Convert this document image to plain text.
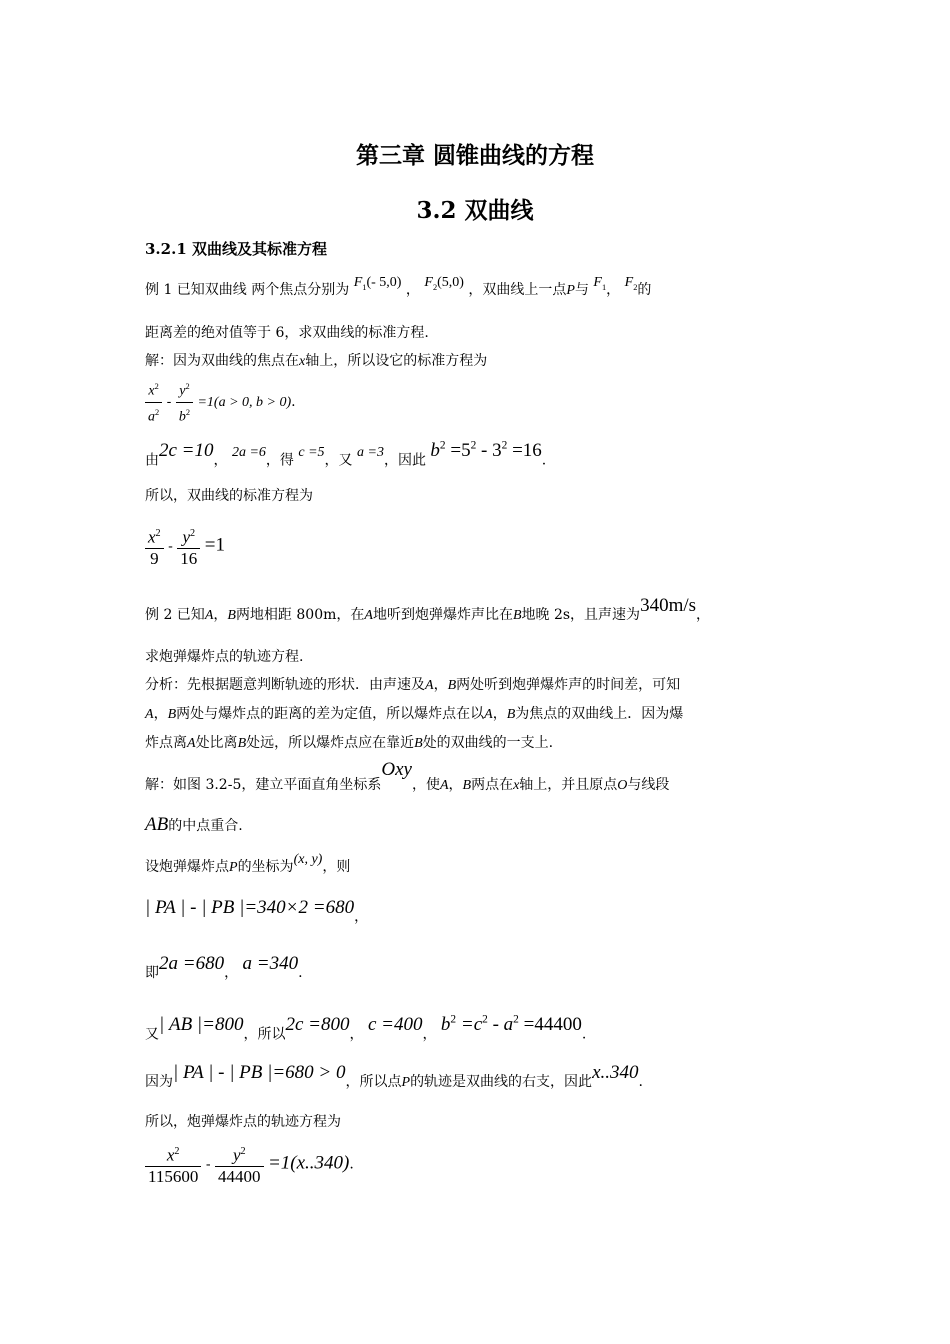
第三章 圆锥曲线的方程
3.2 双曲线
3.2.1 双曲线及其标准方程
例 1 已知双曲线 两个焦点分别为 $F_1(-$ 5,0) ， $F_2(5,0)$ ，双曲线上一点P与 $F_1$， $F_2$的
距离差的绝对值等于 6，求双曲线的标准方程.
解：因为双曲线的焦点在x轴上，所以设它的标准方程为
$\frac{x^2}{a^2} - \frac{y^2}{b^2} =1(a > 0$, b > 0).
由2c =10， 2a =6，得 c =5，又 a =3，因此 $b^2 =5^2 - 3^2 =16$.
所以，双曲线的标准方程为
$\frac{x^2}{9} - \frac{y^2}{16} =1$
例 2 已知A，B两地相距 800m，在A地听到炮弹爆炸声比在B地晚 2s，且声速为340m/s，
求炮弹爆炸点的轨迹方程.
分析：先根据题意判断轨迹的形状．由声速及A，B两处听到炮弹爆炸声的时间差，可知
A，B两处与爆炸点的距离的差为定值，所以爆炸点在以A，B为焦点的双曲线上．因为爆
炸点离A处比离B处远，所以爆炸点应在靠近B处的双曲线的一支上.
解：如图 3.2-5，建立平面直角坐标系Oxy，使A，B两点在x轴上，并且原点O与线段
AB的中点重合.
设炮弹爆炸点P的坐标为(x, y)，则
| PA | - | PB |=340×2 =680，
即2a =680， a =340.
又| AB |=800，所以2c =800， c =400， $b^2 =c^2 - a^2 =44400$.
因为| PA | - | PB |=680 > 0，所以点P的轨迹是双曲线的右支，因此x..340.
所以，炮弹爆炸点的轨迹方程为
$\frac{x^2}{115600} - \frac{y^2}{44400} =1(x..340)$.
